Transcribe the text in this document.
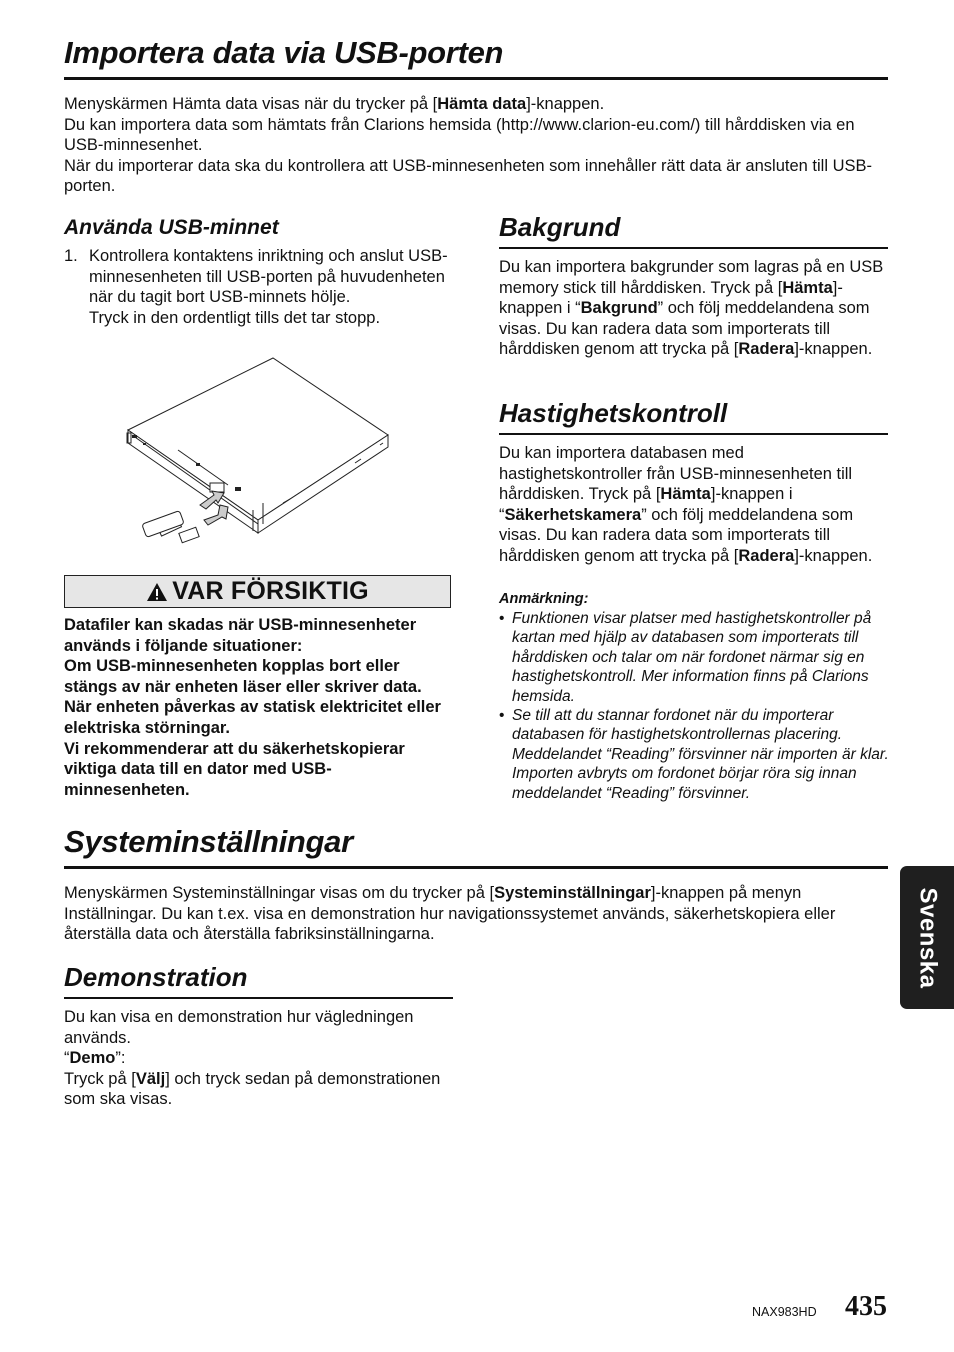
Importera data via USB-porten

Menyskärmen Hämta data visas när du trycker på [Hämta data]-knappen.

Du kan importera data som hämtats från Clarions hemsida (http://www.clarion-eu.com/) till hårddisken via en USB-minnesenhet.

När du importerar data ska du kontrollera att USB-minnesenheten som innehåller rätt data är ansluten till USB-porten.

Använda USB-minnet
1. Kontrollera kontaktens inriktning och anslut USB-minnesenheten till USB-porten på huvudenheten när du tagit bort USB-minnets hölje.
Tryck in den ordentligt tills det tar stopp.
VAR FÖRSIKTIG

Datafiler kan skadas när USB-minnesenheter används i följande situationer:
Om USB-minnesenheten kopplas bort eller stängs av när enheten läser eller skriver data.
När enheten påverkas av statisk elektricitet eller elektriska störningar.
Vi rekommenderar att du säkerhetskopierar viktiga data till en dator med USB-minnesenheten.

Bakgrund

Du kan importera bakgrunder som lagras på en USB memory stick till hårddisken. Tryck på [Hämta]-knappen i “Bakgrund” och följ meddelandena som visas. Du kan radera data som importerats till hårddisken genom att trycka på [Radera]-knappen.

Hastighetskontroll

Du kan importera databasen med hastighetskontroller från USB-minnesenheten till hårddisken. Tryck på [Hämta]-knappen i “Säkerhetskamera” och följ meddelandena som visas. Du kan radera data som importerats till hårddisken genom att trycka på [Radera]-knappen.

Anmärkning:

• Funktionen visar platser med hastighetskontroller på kartan med hjälp av databasen som importerats till hårddisken och talar om när fordonet närmar sig en hastighetskontroll. Mer information finns på Clarions hemsida.
• Se till att du stannar fordonet när du importerar databasen för hastighetskontrollernas placering. Meddelandet “Reading” försvinner när importen är klar. Importen avbryts om fordonet börjar röra sig innan meddelandet “Reading” försvinner.
Systeminställningar

Menyskärmen Systeminställningar visas om du trycker på [Systeminställningar]-knappen på menyn Inställningar. Du kan t.ex. visa en demonstration hur navigationssystemet används, säkerhetskopiera eller återställa data och återställa fabriksinställningarna.

Demonstration

Du kan visa en demonstration hur vägledningen används.

“Demo”:

Tryck på [Välj] och tryck sedan på demonstrationen som ska visas.

Svenska
NAX983HD 435
